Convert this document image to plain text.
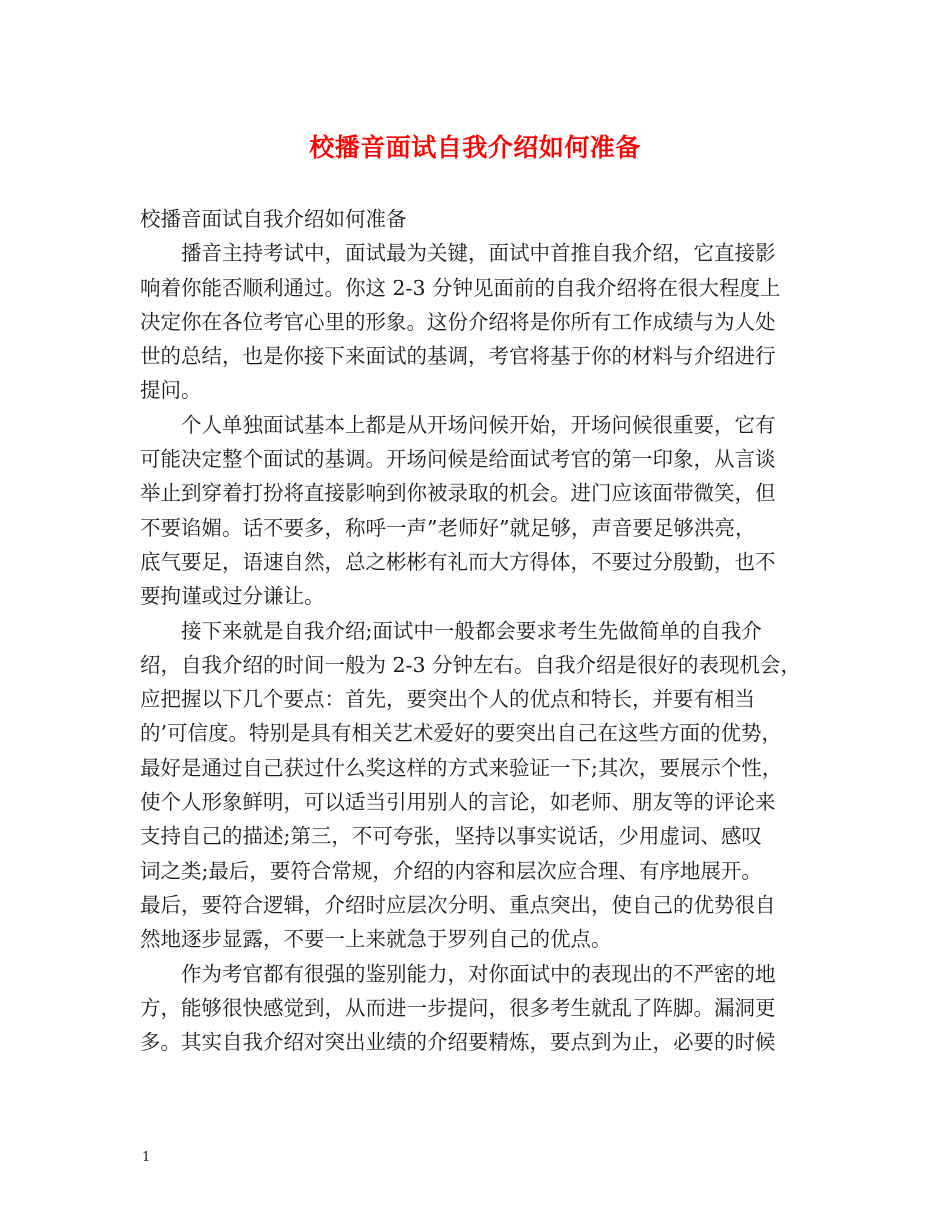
校播音面试自我介绍如何准备
校播音面试自我介绍如何准备
播音主持考试中，面试最为关键，面试中首推自我介绍，它直接影
响着你能否顺利通过。你这 2-3 分钟见面前的自我介绍将在很大程度上
决定你在各位考官心里的形象。这份介绍将是你所有工作成绩与为人处
世的总结，也是你接下来面试的基调，考官将基于你的材料与介绍进行
提问。
个人单独面试基本上都是从开场问候开始，开场问候很重要，它有
可能决定整个面试的基调。开场问候是给面试考官的第一印象，从言谈
举止到穿着打扮将直接影响到你被录取的机会。进门应该面带微笑，但
不要谄媚。话不要多，称呼一声”老师好”就足够，声音要足够洪亮，
底气要足，语速自然，总之彬彬有礼而大方得体，不要过分殷勤，也不
要拘谨或过分谦让。
接下来就是自我介绍;面试中一般都会要求考生先做简单的自我介
绍，自我介绍的时间一般为 2-3 分钟左右。自我介绍是很好的表现机会，
应把握以下几个要点：首先，要突出个人的优点和特长，并要有相当
的’可信度。特别是具有相关艺术爱好的要突出自己在这些方面的优势，
最好是通过自己获过什么奖这样的方式来验证一下;其次，要展示个性，
使个人形象鲜明，可以适当引用别人的言论，如老师、朋友等的评论来
支持自己的描述;第三，不可夸张，坚持以事实说话，少用虚词、感叹
词之类;最后，要符合常规，介绍的内容和层次应合理、有序地展开。
最后，要符合逻辑，介绍时应层次分明、重点突出，使自己的优势很自
然地逐步显露，不要一上来就急于罗列自己的优点。
作为考官都有很强的鉴别能力，对你面试中的表现出的不严密的地
方，能够很快感觉到，从而进一步提问，很多考生就乱了阵脚。漏洞更
多。其实自我介绍对突出业绩的介绍要精炼，要点到为止，必要的时候
1
